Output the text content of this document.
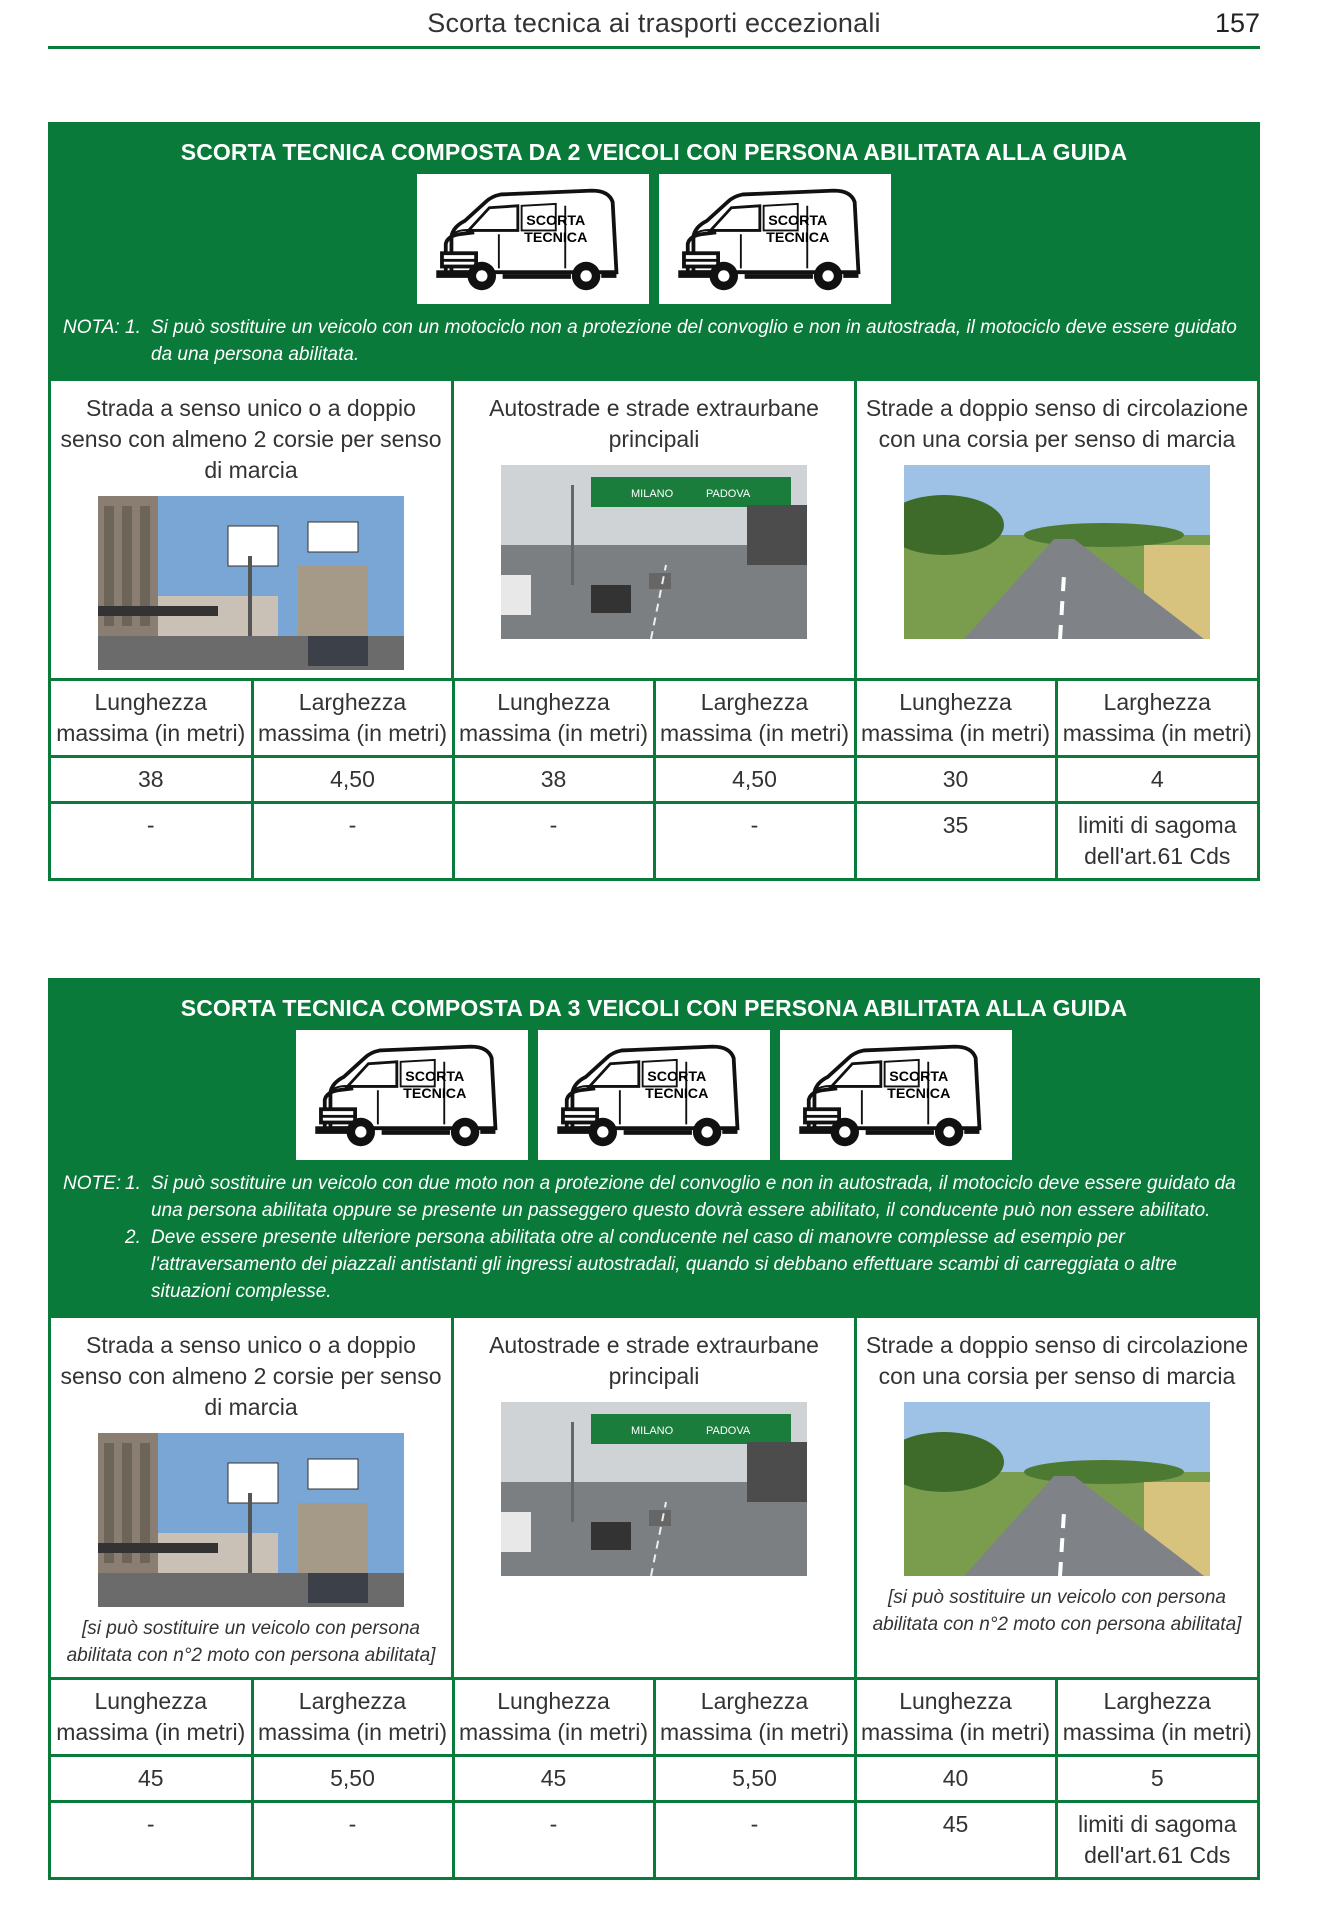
Scorta tecnica ai trasporti eccezionali	157
SCORTA TECNICA COMPOSTA DA 2 VEICOLI CON PERSONA ABILITATA ALLA GUIDA
SCORTA
TECNICA
SCORTA
TECNICA
NOTA: 1. Si può sostituire un veicolo con un motociclo non a protezione del convoglio e non in autostrada, il motociclo deve essere guidato da una persona abilitata.
Strada a senso unico o a doppio senso con almeno 2 corsie per senso di marcia
Autostrade e strade extraurbane principali
MILANO	PADOVA
Strade a doppio senso di circolazione con una corsia per senso di marcia
Lunghezza massima (in metri)	Larghezza massima (in metri)	Lunghezza massima (in metri)	Larghezza massima (in metri)	Lunghezza massima (in metri)	Larghezza massima (in metri)
38	4,50	38	4,50	30	4
-	-	-	-	35	limiti di sagoma dell'art.61 Cds
SCORTA TECNICA COMPOSTA DA 3 VEICOLI CON PERSONA ABILITATA ALLA GUIDA
SCORTA
TECNICA
SCORTA
TECNICA
SCORTA
TECNICA
NOTE: 1. Si può sostituire un veicolo con due moto non a protezione del convoglio e non in autostrada, il motociclo deve essere guidato da una persona abilitata oppure se presente un passeggero questo dovrà essere abilitato, il conducente può non essere abilitato.
2. Deve essere presente ulteriore persona abilitata otre al conducente nel caso di manovre complesse ad esempio per l'attraversamento dei piazzali antistanti gli ingressi autostradali, quando si debbano effettuare scambi di carreggiata o altre situazioni complesse.
Strada a senso unico o a doppio senso con almeno 2 corsie per senso di marcia
[si può sostituire un veicolo con persona abilitata con n°2 moto con persona abilitata]
Autostrade e strade extraurbane principali
MILANO	PADOVA
Strade a doppio senso di circolazione con una corsia per senso di marcia
[si può sostituire un veicolo con persona abilitata con n°2 moto con persona abilitata]
Lunghezza massima (in metri)	Larghezza massima (in metri)	Lunghezza massima (in metri)	Larghezza massima (in metri)	Lunghezza massima (in metri)	Larghezza massima (in metri)
45	5,50	45	5,50	40	5
-	-	-	-	45	limiti di sagoma dell'art.61 Cds
